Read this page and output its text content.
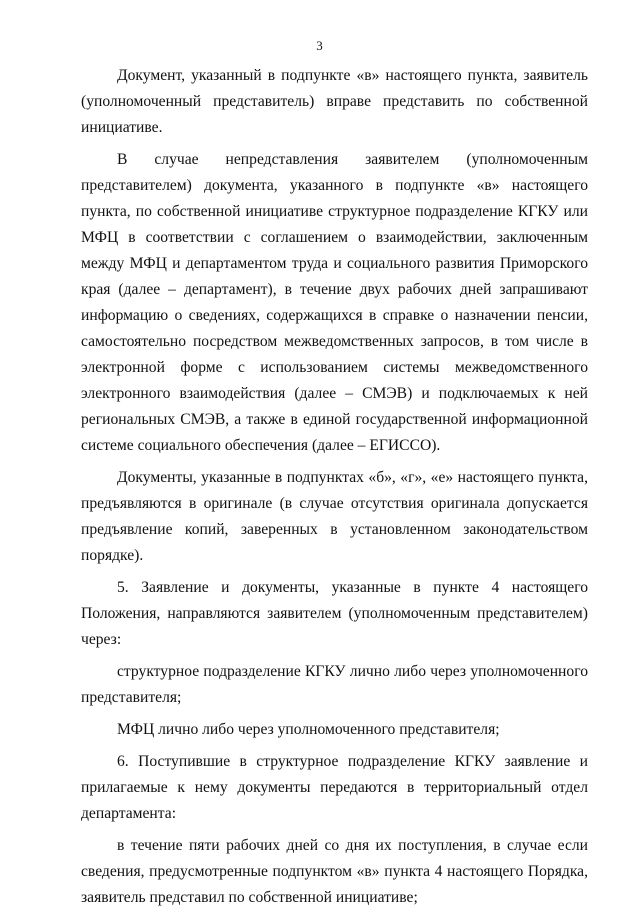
3

Документ, указанный в подпункте «в» настоящего пункта, заявитель (уполномоченный представитель) вправе представить по собственной инициативе.

В случае непредставления заявителем (уполномоченным представителем) документа, указанного в подпункте «в» настоящего пункта, по собственной инициативе структурное подразделение КГКУ или МФЦ в соответствии с соглашением о взаимодействии, заключенным между МФЦ и департаментом труда и социального развития Приморского края (далее – департамент), в течение двух рабочих дней запрашивают информацию о сведениях, содержащихся в справке о назначении пенсии, самостоятельно посредством межведомственных запросов, в том числе в электронной форме с использованием системы межведомственного электронного взаимодействия (далее – СМЭВ) и подключаемых к ней региональных СМЭВ, а также в единой государственной информационной системе социального обеспечения (далее – ЕГИССО).

Документы, указанные в подпунктах «б», «г», «е» настоящего пункта, предъявляются в оригинале (в случае отсутствия оригинала допускается предъявление копий, заверенных в установленном законодательством порядке).

5. Заявление и документы, указанные в пункте 4 настоящего Положения, направляются заявителем (уполномоченным представителем) через:

структурное подразделение КГКУ лично либо через уполномоченного представителя;

МФЦ лично либо через уполномоченного представителя;

6. Поступившие в структурное подразделение КГКУ заявление и прилагаемые к нему документы передаются в территориальный отдел департамента:

в течение пяти рабочих дней со дня их поступления, в случае если сведения, предусмотренные подпунктом «в» пункта 4 настоящего Порядка, заявитель представил по собственной инициативе;
